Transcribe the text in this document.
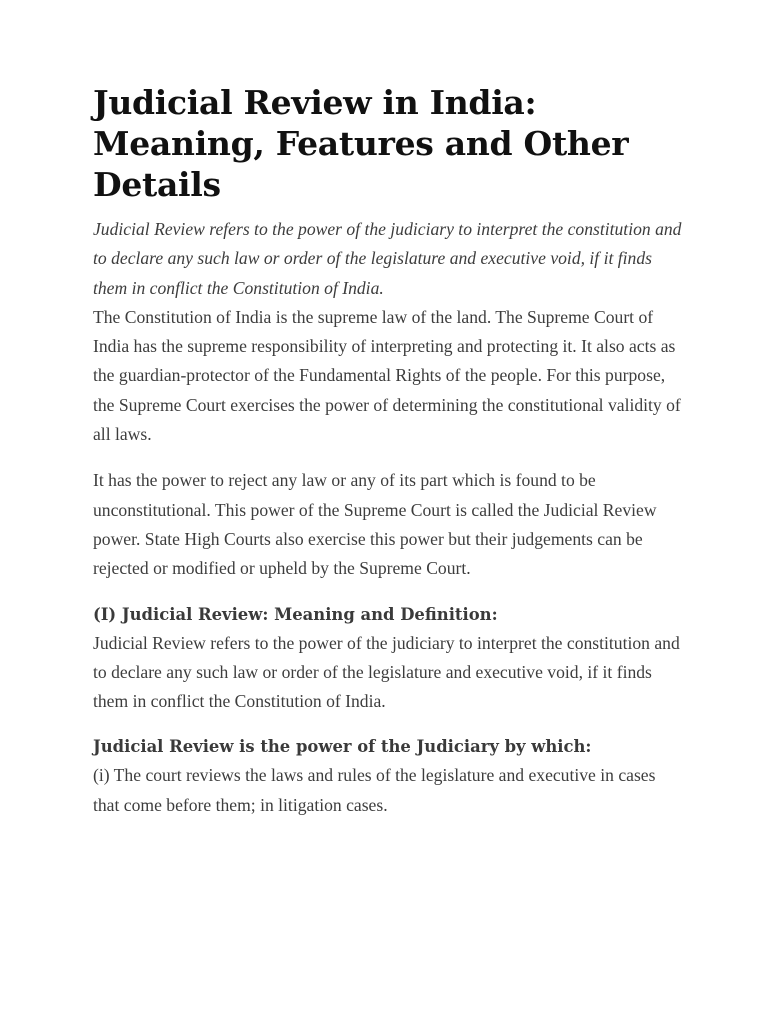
Judicial Review in India: Meaning, Features and Other Details

Judicial Review refers to the power of the judiciary to interpret the constitution and to declare any such law or order of the legislature and executive void, if it finds them in conflict the Constitution of India.

The Constitution of India is the supreme law of the land. The Supreme Court of India has the supreme responsibility of interpreting and protecting it. It also acts as the guardian-protector of the Fundamental Rights of the people. For this purpose, the Supreme Court exercises the power of determining the constitutional validity of all laws.

It has the power to reject any law or any of its part which is found to be unconstitutional. This power of the Supreme Court is called the Judicial Review power. State High Courts also exercise this power but their judgements can be rejected or modified or upheld by the Supreme Court.

(I) Judicial Review: Meaning and Definition:

Judicial Review refers to the power of the judiciary to interpret the constitution and to declare any such law or order of the legislature and executive void, if it finds them in conflict the Constitution of India.

Judicial Review is the power of the Judiciary by which:

(i) The court reviews the laws and rules of the legislature and executive in cases that come before them; in litigation cases.
